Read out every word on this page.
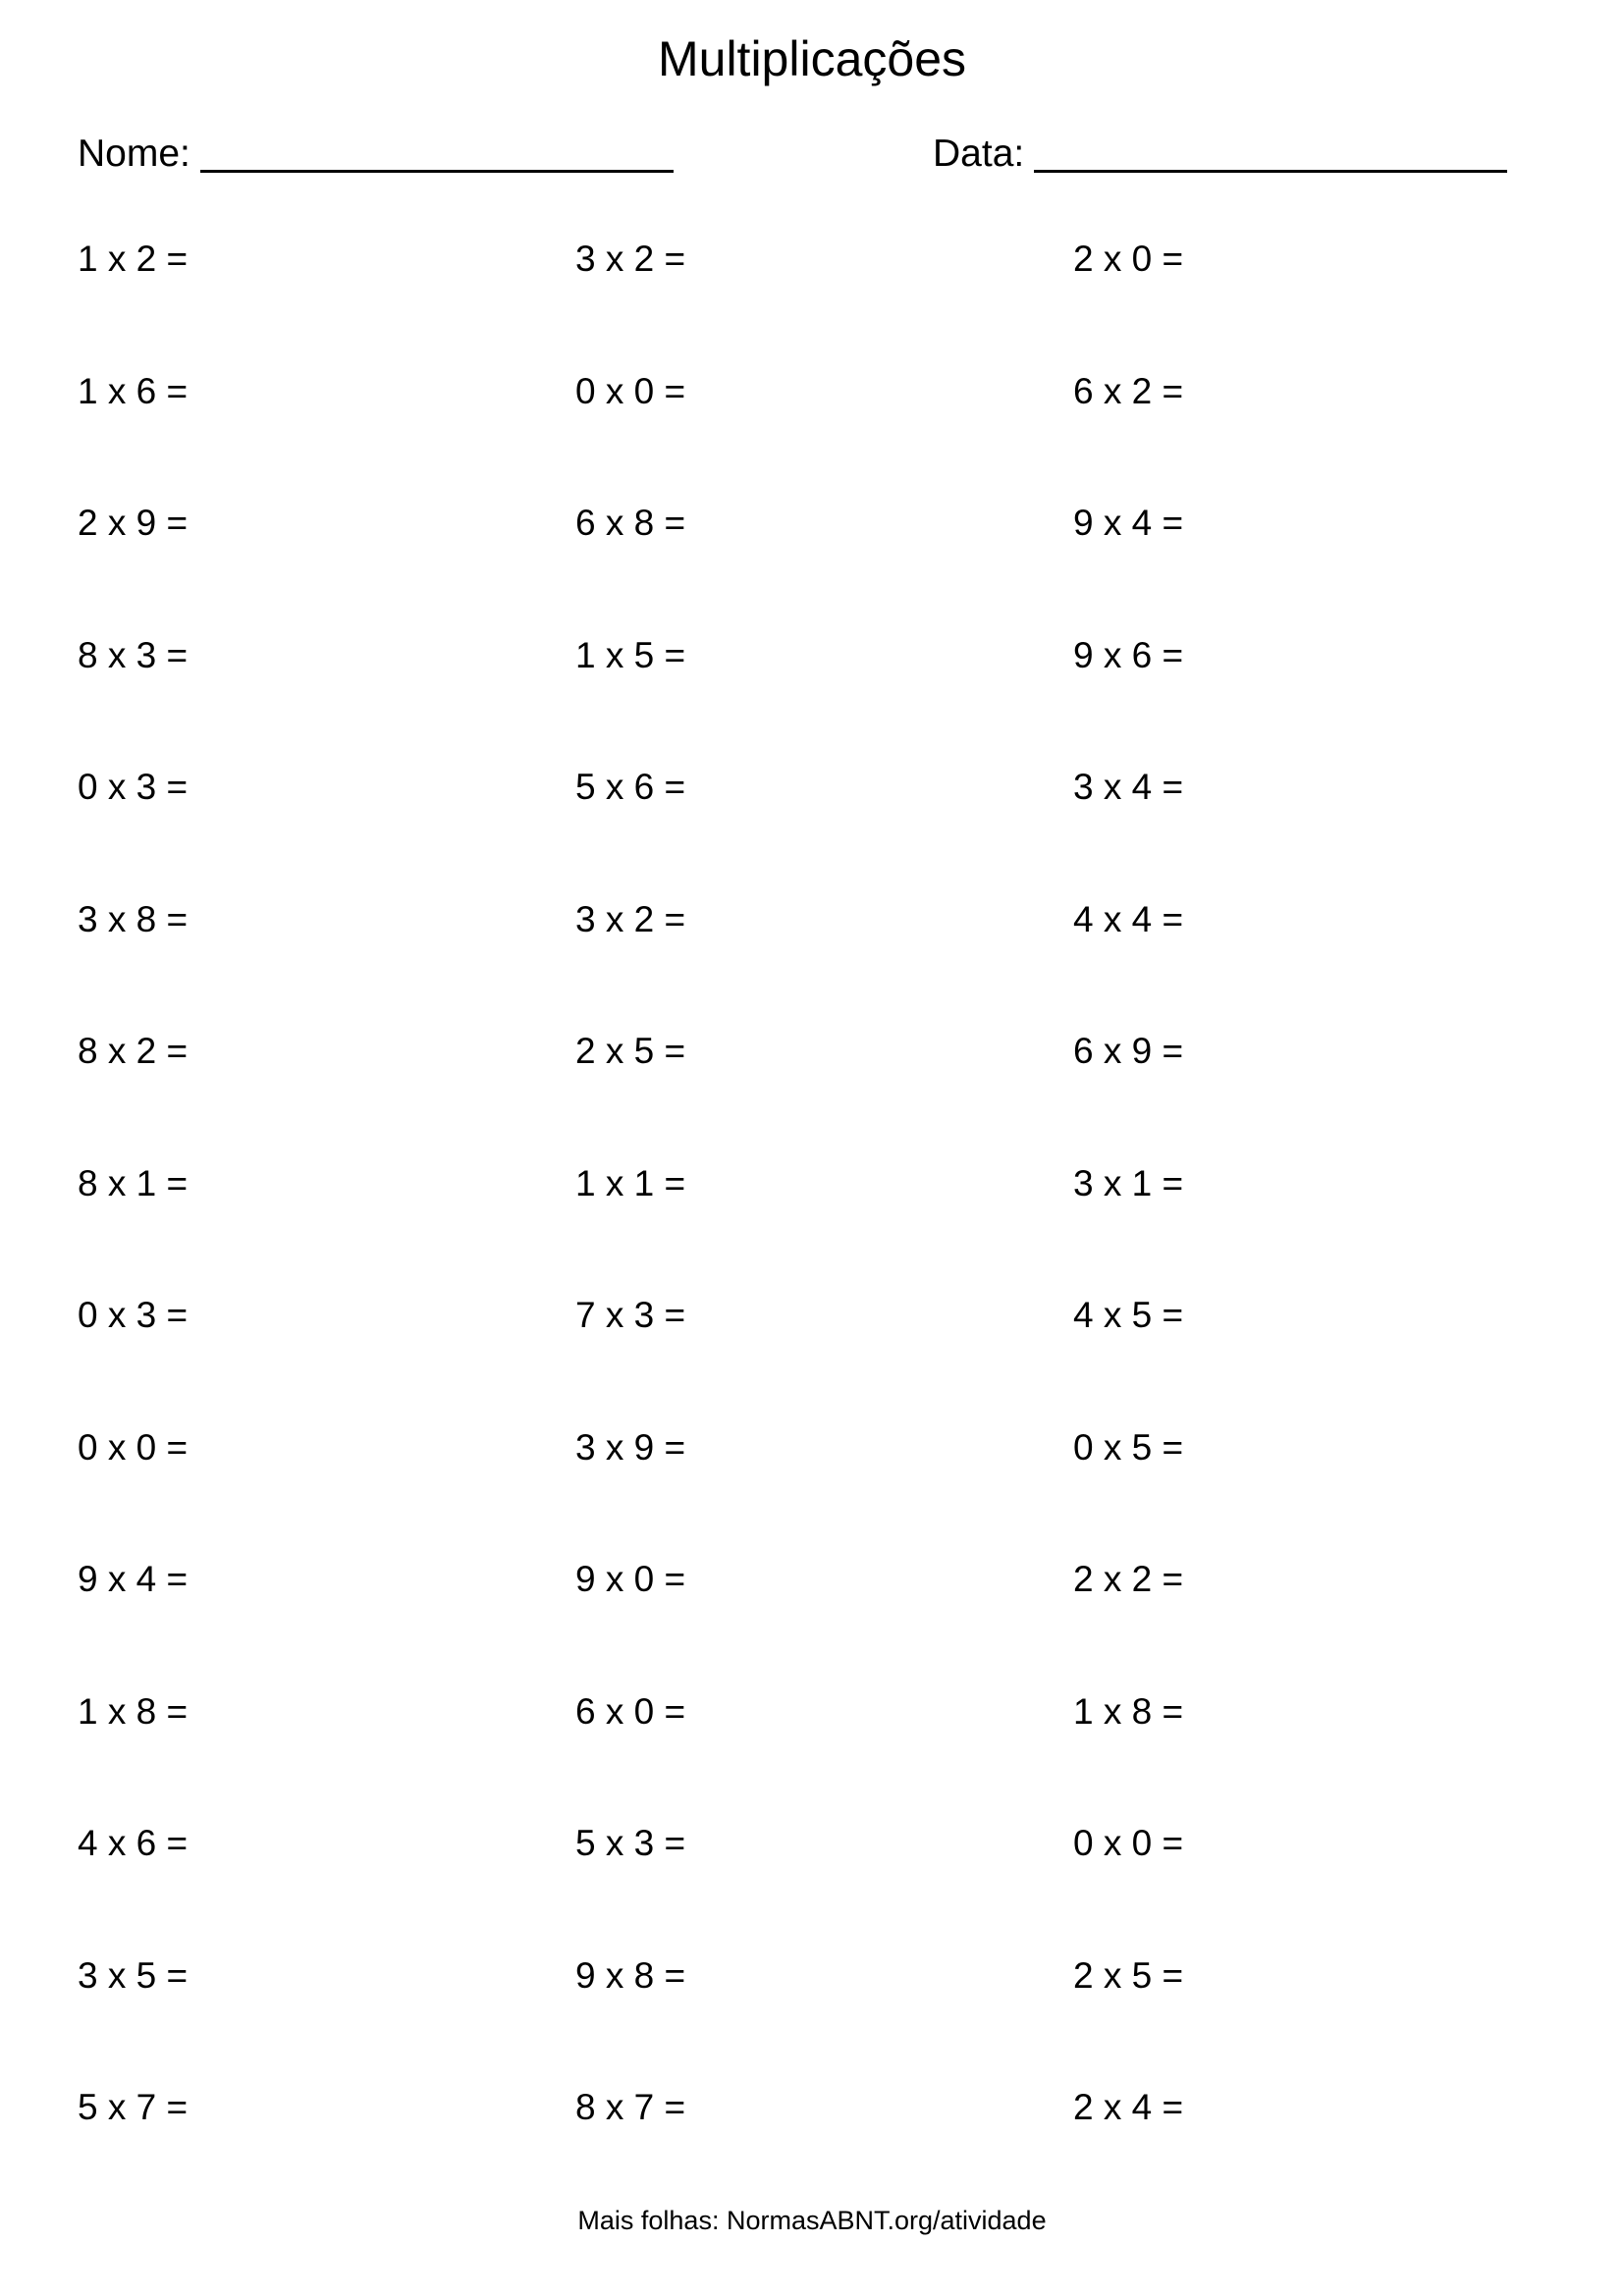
Multiplicações
Nome:	Data:
1 x 2 =	3 x 2 =	2 x 0 =
1 x 6 =	0 x 0 =	6 x 2 =
2 x 9 =	6 x 8 =	9 x 4 =
8 x 3 =	1 x 5 =	9 x 6 =
0 x 3 =	5 x 6 =	3 x 4 =
3 x 8 =	3 x 2 =	4 x 4 =
8 x 2 =	2 x 5 =	6 x 9 =
8 x 1 =	1 x 1 =	3 x 1 =
0 x 3 =	7 x 3 =	4 x 5 =
0 x 0 =	3 x 9 =	0 x 5 =
9 x 4 =	9 x 0 =	2 x 2 =
1 x 8 =	6 x 0 =	1 x 8 =
4 x 6 =	5 x 3 =	0 x 0 =
3 x 5 =	9 x 8 =	2 x 5 =
5 x 7 =	8 x 7 =	2 x 4 =
Mais folhas: NormasABNT.org/atividade
